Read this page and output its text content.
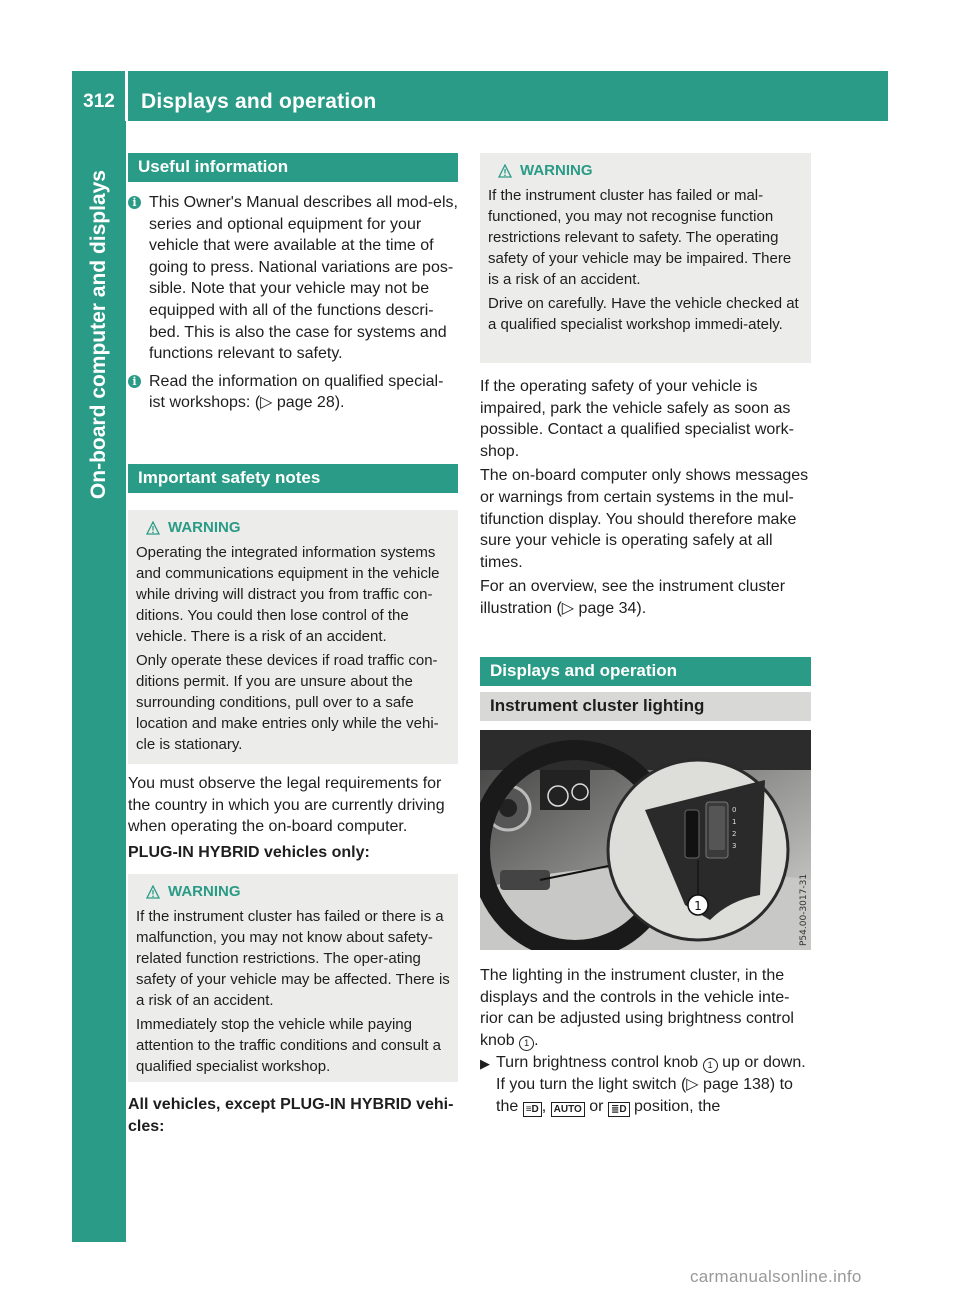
312	Displays and operation
On-board computer and displays
Useful information
i This Owner's Manual describes all mod-els, series and optional equipment for your vehicle that were available at the time of going to press. National variations are pos-sible. Note that your vehicle may not be equipped with all of the functions descri-bed. This is also the case for systems and functions relevant to safety.

i Read the information on qualified special-ist workshops: (▷ page 28).

Important safety notes
WARNING

Operating the integrated information systems and communications equipment in the vehicle while driving will distract you from traffic con-ditions. You could then lose control of the vehicle. There is a risk of an accident.

Only operate these devices if road traffic con-ditions permit. If you are unsure about the surrounding conditions, pull over to a safe location and make entries only while the vehi-cle is stationary.

You must observe the legal requirements for the country in which you are currently driving when operating the on-board computer.

PLUG-IN HYBRID vehicles only:

WARNING

If the instrument cluster has failed or there is a malfunction, you may not know about safety-related function restrictions. The oper-ating safety of your vehicle may be affected. There is a risk of an accident.

Immediately stop the vehicle while paying attention to the traffic conditions and consult a qualified specialist workshop.

All vehicles, except PLUG-IN HYBRID vehi-cles:

WARNING

If the instrument cluster has failed or mal-functioned, you may not recognise function restrictions relevant to safety. The operating safety of your vehicle may be impaired. There is a risk of an accident.

Drive on carefully. Have the vehicle checked at a qualified specialist workshop immedi-ately.

If the operating safety of your vehicle is impaired, park the vehicle safely as soon as possible. Contact a qualified specialist work-shop.

The on-board computer only shows messages or warnings from certain systems in the mul-tifunction display. You should therefore make sure your vehicle is operating safely at all times.

For an overview, see the instrument cluster illustration (▷ page 34).

Displays and operation
Instrument cluster lighting
0
1
2
3
1	P54.00-3017-31

The lighting in the instrument cluster, in the displays and the controls in the vehicle inte-rior can be adjusted using brightness control knob 1 .

▶ Turn brightness control knob 1 up or down.

If you turn the light switch (▷ page 138) to the ≡D , AUTO or ≣D position, the

carmanualsonline.info
